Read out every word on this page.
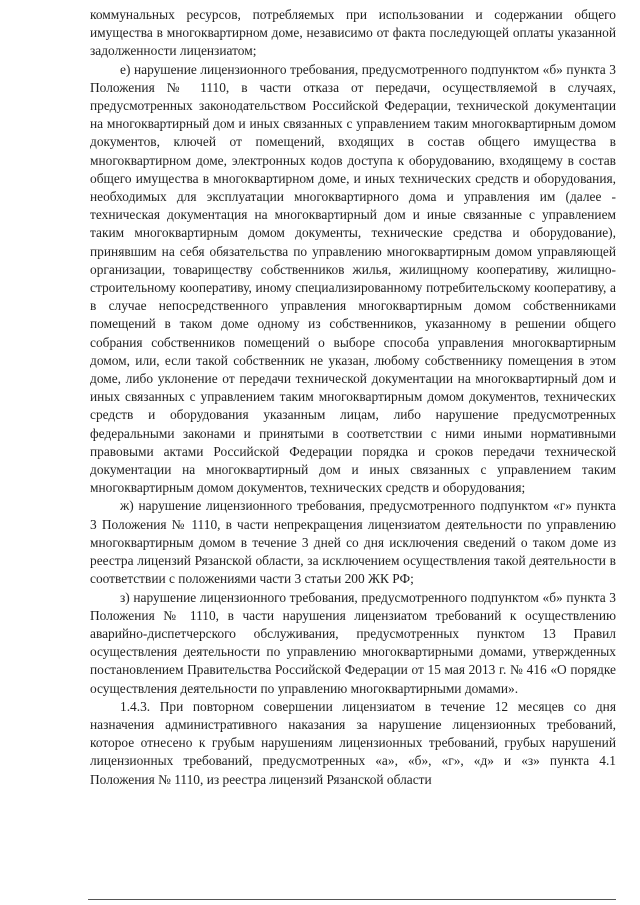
коммунальных ресурсов, потребляемых при использовании и содержании общего имущества в многоквартирном доме, независимо от факта последующей оплаты указанной задолженности лицензиатом;

е) нарушение лицензионного требования, предусмотренного подпунктом «б» пункта 3 Положения № 1110, в части отказа от передачи, осуществляемой в случаях, предусмотренных законодательством Российской Федерации, технической документации на многоквартирный дом и иных связанных с управлением таким многоквартирным домом документов, ключей от помещений, входящих в состав общего имущества в многоквартирном доме, электронных кодов доступа к оборудованию, входящему в состав общего имущества в многоквартирном доме, и иных технических средств и оборудования, необходимых для эксплуатации многоквартирного дома и управления им (далее - техническая документация на многоквартирный дом и иные связанные с управлением таким многоквартирным домом документы, технические средства и оборудование), принявшим на себя обязательства по управлению многоквартирным домом управляющей организации, товариществу собственников жилья, жилищному кооперативу, жилищно-строительному кооперативу, иному специализированному потребительскому кооперативу, а в случае непосредственного управления многоквартирным домом собственниками помещений в таком доме одному из собственников, указанному в решении общего собрания собственников помещений о выборе способа управления многоквартирным домом, или, если такой собственник не указан, любому собственнику помещения в этом доме, либо уклонение от передачи технической документации на многоквартирный дом и иных связанных с управлением таким многоквартирным домом документов, технических средств и оборудования указанным лицам, либо нарушение предусмотренных федеральными законами и принятыми в соответствии с ними иными нормативными правовыми актами Российской Федерации порядка и сроков передачи технической документации на многоквартирный дом и иных связанных с управлением таким многоквартирным домом документов, технических средств и оборудования;

ж) нарушение лицензионного требования, предусмотренного подпунктом «г» пункта 3 Положения № 1110, в части непрекращения лицензиатом деятельности по управлению многоквартирным домом в течение 3 дней со дня исключения сведений о таком доме из реестра лицензий Рязанской области, за исключением осуществления такой деятельности в соответствии с положениями части 3 статьи 200 ЖК РФ;

з) нарушение лицензионного требования, предусмотренного подпунктом «б» пункта 3 Положения № 1110, в части нарушения лицензиатом требований к осуществлению аварийно-диспетчерского обслуживания, предусмотренных пунктом 13 Правил осуществления деятельности по управлению многоквартирными домами, утвержденных постановлением Правительства Российской Федерации от 15 мая 2013 г. № 416 «О порядке осуществления деятельности по управлению многоквартирными домами».

1.4.3. При повторном совершении лицензиатом в течение 12 месяцев со дня назначения административного наказания за нарушение лицензионных требований, которое отнесено к грубым нарушениям лицензионных требований, грубых нарушений лицензионных требований, предусмотренных «а», «б», «г», «д» и «з» пункта 4.1 Положения № 1110, из реестра лицензий Рязанской области
